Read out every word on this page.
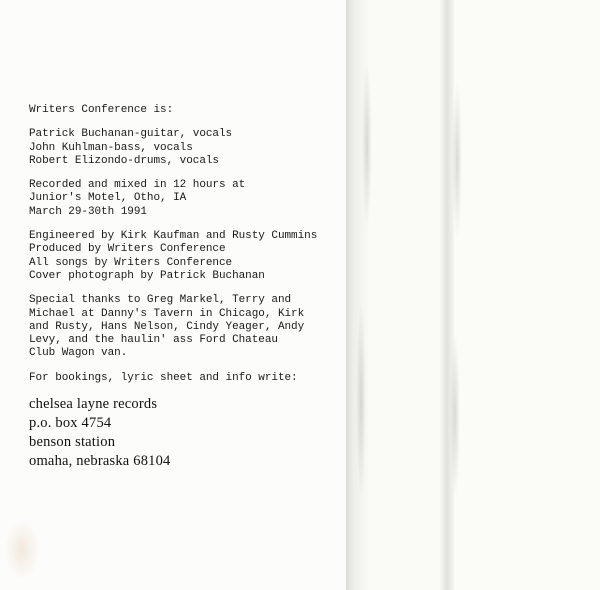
Writers Conference is:
Patrick Buchanan-guitar, vocals
John Kuhlman-bass, vocals
Robert Elizondo-drums, vocals
Recorded and mixed in 12 hours at
Junior's Motel, Otho, IA
March 29-30th 1991
Engineered by Kirk Kaufman and Rusty Cummins
Produced by Writers Conference
All songs by Writers Conference
Cover photograph by Patrick Buchanan
Special thanks to Greg Markel, Terry and
Michael at Danny's Tavern in Chicago, Kirk
and Rusty, Hans Nelson, Cindy Yeager, Andy
Levy, and the haulin' ass Ford Chateau
Club Wagon van.
For bookings, lyric sheet and info write:
chelsea layne records
p.o. box 4754
benson station
omaha, nebraska 68104
